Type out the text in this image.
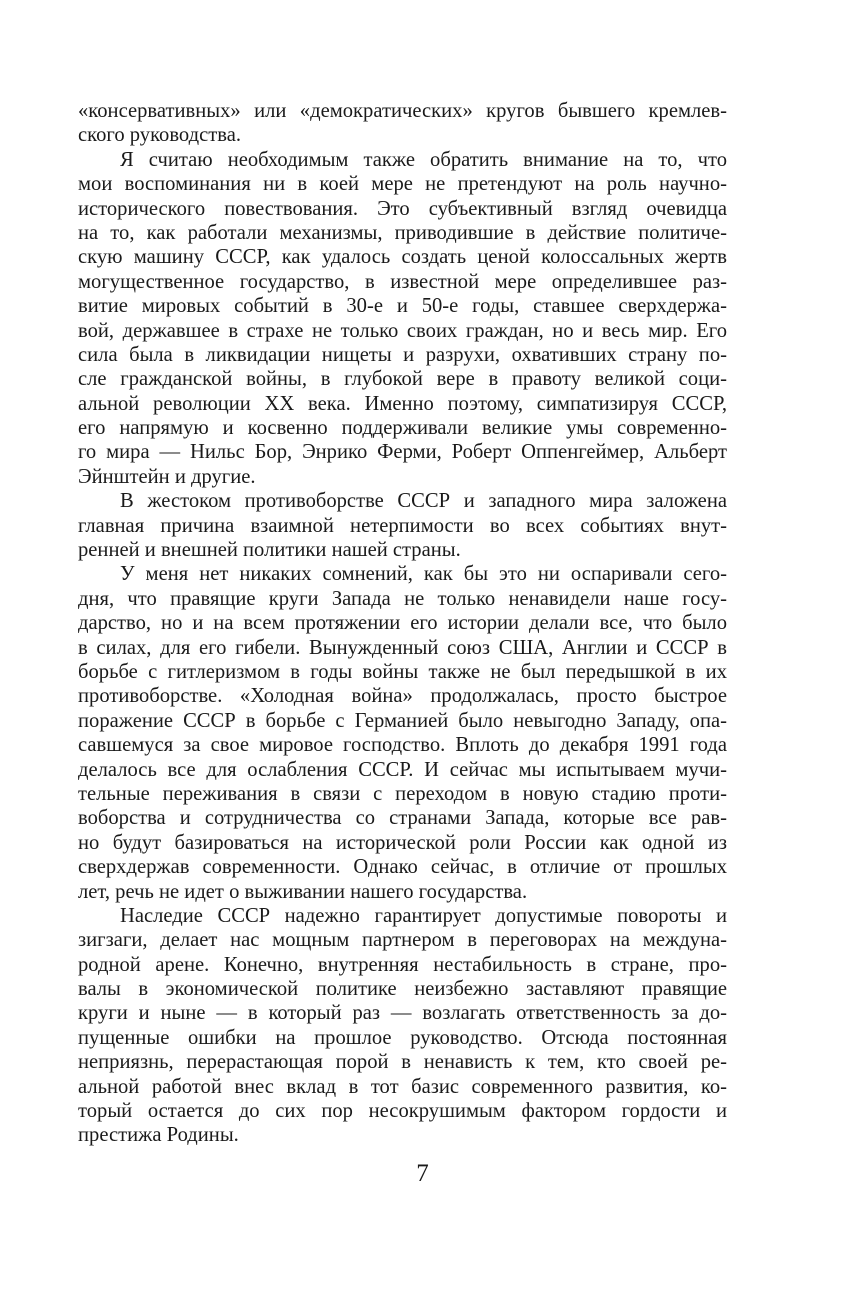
«консервативных» или «демократических» кругов бывшего кремлев-
ского руководства.
Я считаю необходимым также обратить внимание на то, что
мои воспоминания ни в коей мере не претендуют на роль научно-
исторического повествования. Это субъективный взгляд очевидца
на то, как работали механизмы, приводившие в действие политиче-
скую машину СССР, как удалось создать ценой колоссальных жертв
могущественное государство, в известной мере определившее раз-
витие мировых событий в 30-е и 50-е годы, ставшее сверхдержа-
вой, державшее в страхе не только своих граждан, но и весь мир. Его
сила была в ликвидации нищеты и разрухи, охвативших страну по-
сле гражданской войны, в глубокой вере в правоту великой соци-
альной революции XX века. Именно поэтому, симпатизируя СССР,
его напрямую и косвенно поддерживали великие умы современно-
го мира — Нильс Бор, Энрико Ферми, Роберт Оппенгеймер, Альберт
Эйнштейн и другие.
В жестоком противоборстве СССР и западного мира заложена
главная причина взаимной нетерпимости во всех событиях внут-
ренней и внешней политики нашей страны.
У меня нет никаких сомнений, как бы это ни оспаривали сего-
дня, что правящие круги Запада не только ненавидели наше госу-
дарство, но и на всем протяжении его истории делали все, что было
в силах, для его гибели. Вынужденный союз США, Англии и СССР в
борьбе с гитлеризмом в годы войны также не был передышкой в их
противоборстве. «Холодная война» продолжалась, просто быстрое
поражение СССР в борьбе с Германией было невыгодно Западу, опа-
савшемуся за свое мировое господство. Вплоть до декабря 1991 года
делалось все для ослабления СССР. И сейчас мы испытываем мучи-
тельные переживания в связи с переходом в новую стадию проти-
воборства и сотрудничества со странами Запада, которые все рав-
но будут базироваться на исторической роли России как одной из
сверхдержав современности. Однако сейчас, в отличие от прошлых
лет, речь не идет о выживании нашего государства.
Наследие СССР надежно гарантирует допустимые повороты и
зигзаги, делает нас мощным партнером в переговорах на междуна-
родной арене. Конечно, внутренняя нестабильность в стране, про-
валы в экономической политике неизбежно заставляют правящие
круги и ныне — в который раз — возлагать ответственность за до-
пущенные ошибки на прошлое руководство. Отсюда постоянная
неприязнь, перерастающая порой в ненависть к тем, кто своей ре-
альной работой внес вклад в тот базис современного развития, ко-
торый остается до сих пор несокрушимым фактором гордости и
престижа Родины.
7
